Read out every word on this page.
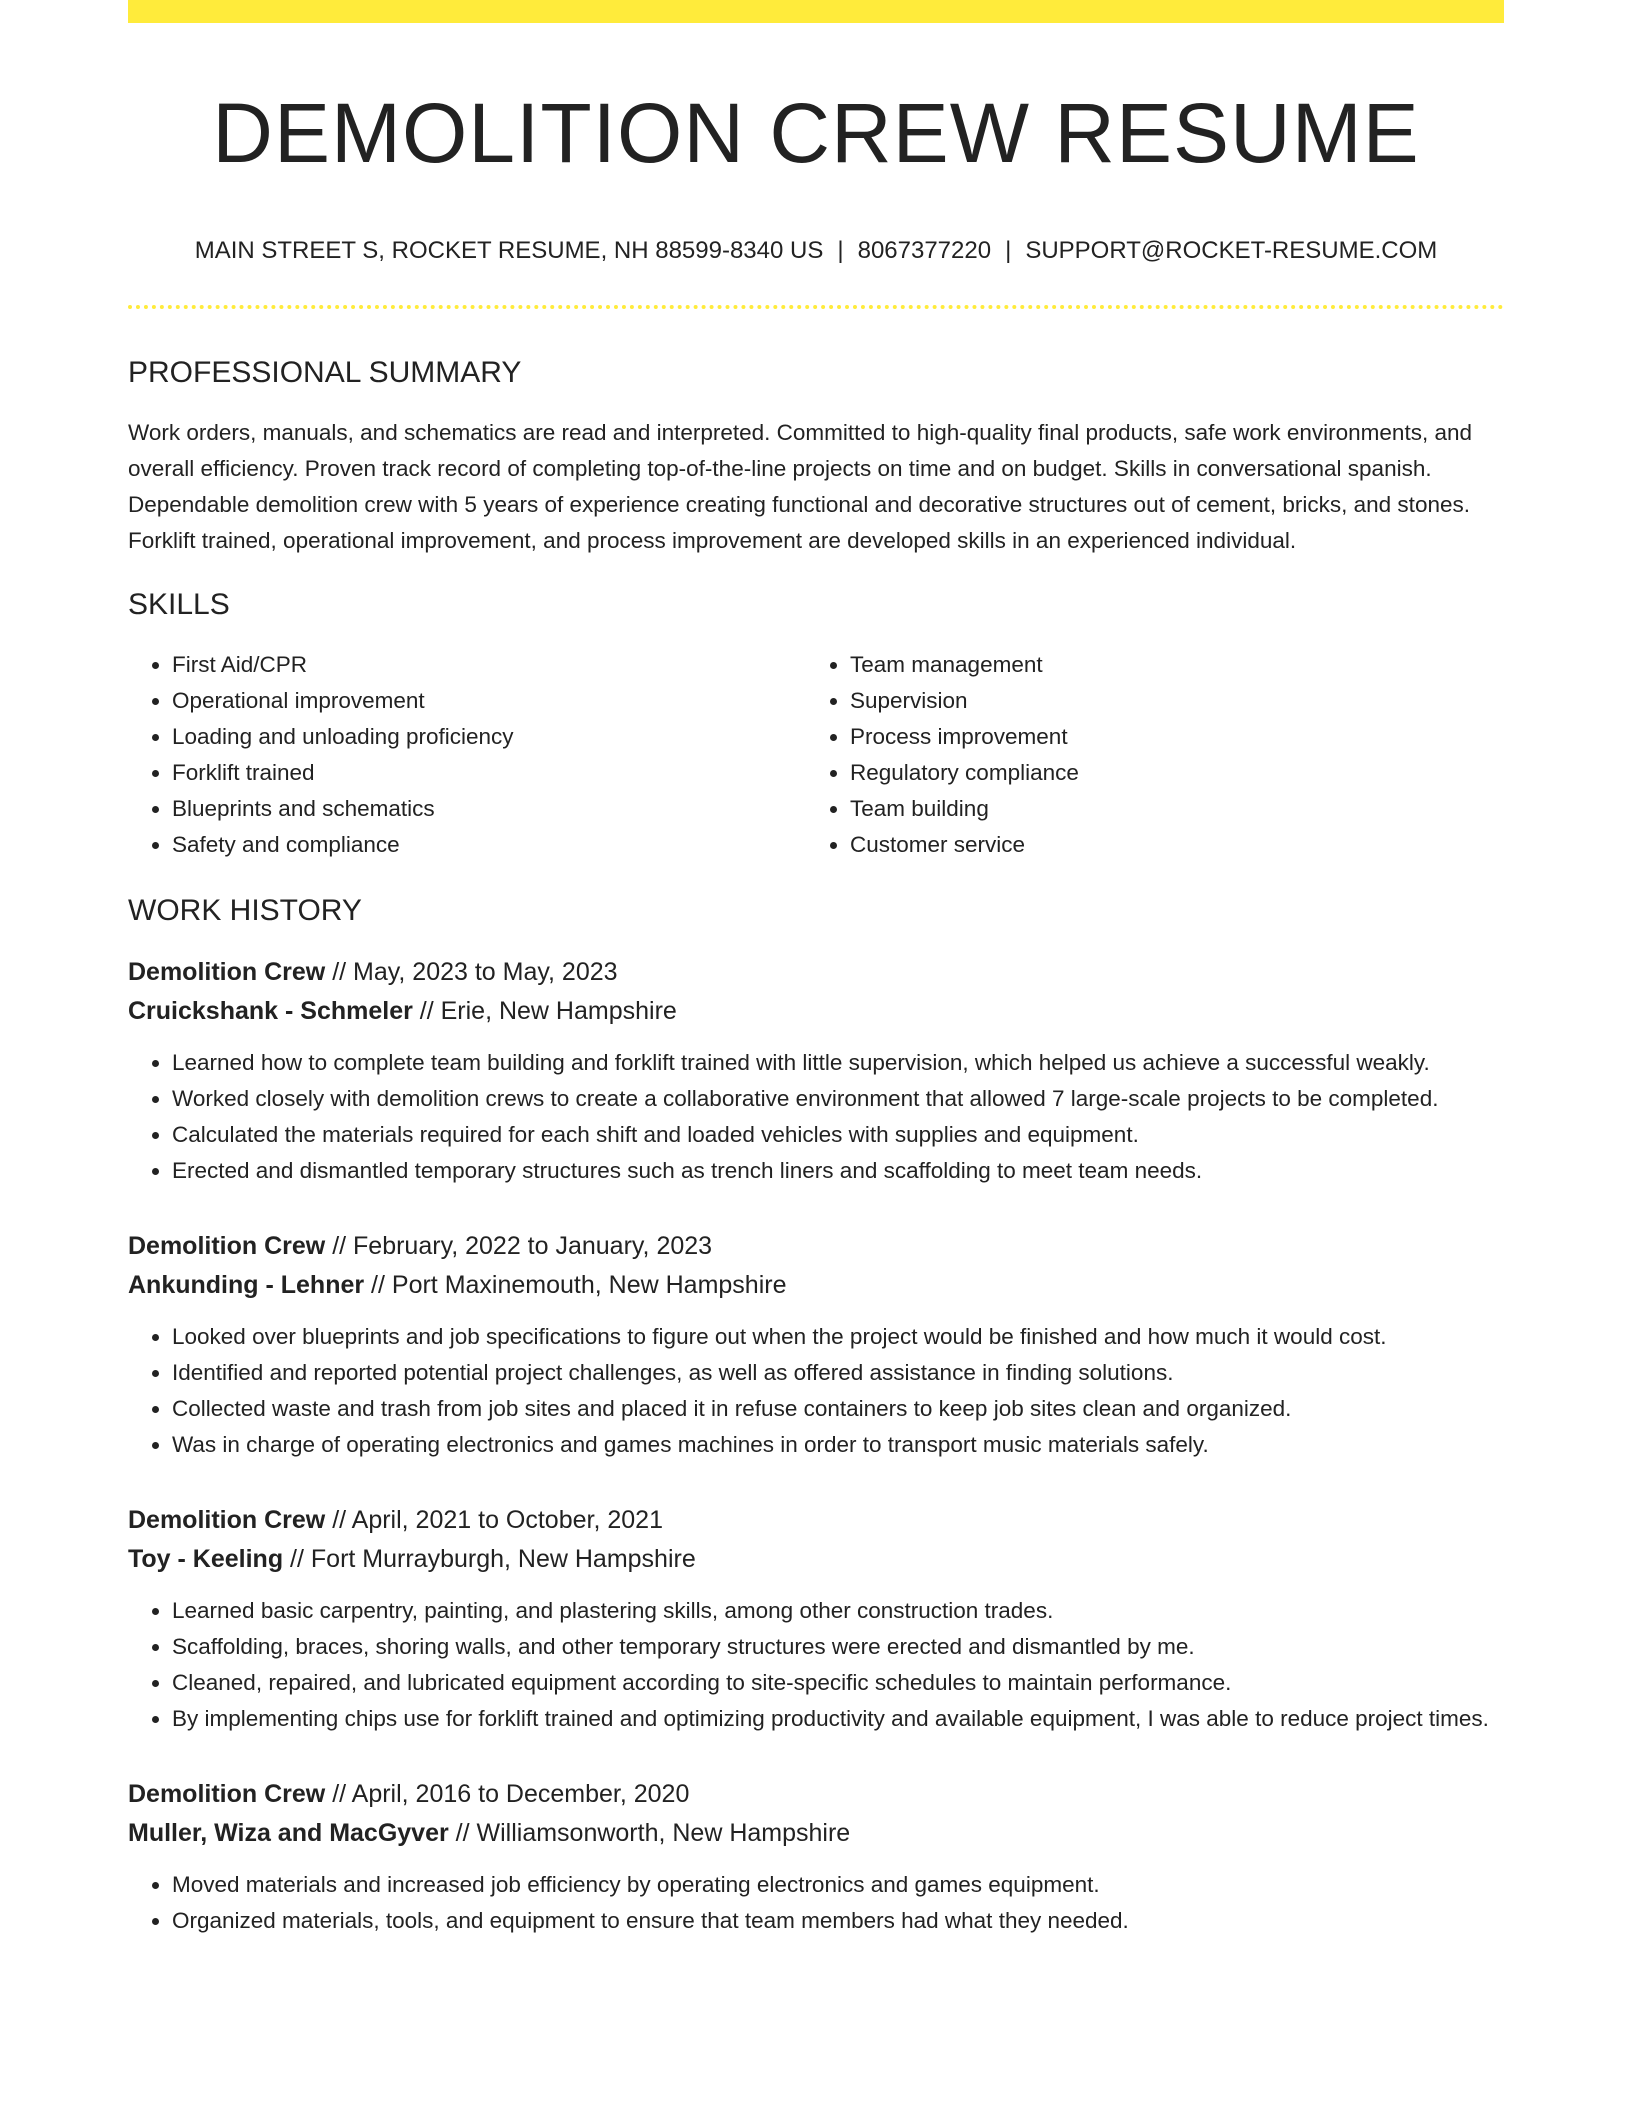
DEMOLITION CREW RESUME
MAIN STREET S, ROCKET RESUME, NH 88599-8340 US | 8067377220 | SUPPORT@ROCKET-RESUME.COM
PROFESSIONAL SUMMARY

Work orders, manuals, and schematics are read and interpreted. Committed to high-quality final products, safe work environments, and overall efficiency. Proven track record of completing top-of-the-line projects on time and on budget. Skills in conversational spanish. Dependable demolition crew with 5 years of experience creating functional and decorative structures out of cement, bricks, and stones. Forklift trained, operational improvement, and process improvement are developed skills in an experienced individual.

SKILLS
• First Aid/CPR
• Operational improvement
• Loading and unloading proficiency
• Forklift trained
• Blueprints and schematics
• Safety and compliance
• Team management
• Supervision
• Process improvement
• Regulatory compliance
• Team building
• Customer service
WORK HISTORY
Demolition Crew // May, 2023 to May, 2023
Cruickshank - Schmeler // Erie, New Hampshire
• Learned how to complete team building and forklift trained with little supervision, which helped us achieve a successful weakly.
• Worked closely with demolition crews to create a collaborative environment that allowed 7 large-scale projects to be completed.
• Calculated the materials required for each shift and loaded vehicles with supplies and equipment.
• Erected and dismantled temporary structures such as trench liners and scaffolding to meet team needs.
Demolition Crew // February, 2022 to January, 2023
Ankunding - Lehner // Port Maxinemouth, New Hampshire
• Looked over blueprints and job specifications to figure out when the project would be finished and how much it would cost.
• Identified and reported potential project challenges, as well as offered assistance in finding solutions.
• Collected waste and trash from job sites and placed it in refuse containers to keep job sites clean and organized.
• Was in charge of operating electronics and games machines in order to transport music materials safely.
Demolition Crew // April, 2021 to October, 2021
Toy - Keeling // Fort Murrayburgh, New Hampshire
• Learned basic carpentry, painting, and plastering skills, among other construction trades.
• Scaffolding, braces, shoring walls, and other temporary structures were erected and dismantled by me.
• Cleaned, repaired, and lubricated equipment according to site-specific schedules to maintain performance.
• By implementing chips use for forklift trained and optimizing productivity and available equipment, I was able to reduce project times.
Demolition Crew // April, 2016 to December, 2020
Muller, Wiza and MacGyver // Williamsonworth, New Hampshire
• Moved materials and increased job efficiency by operating electronics and games equipment.
• Organized materials, tools, and equipment to ensure that team members had what they needed.
